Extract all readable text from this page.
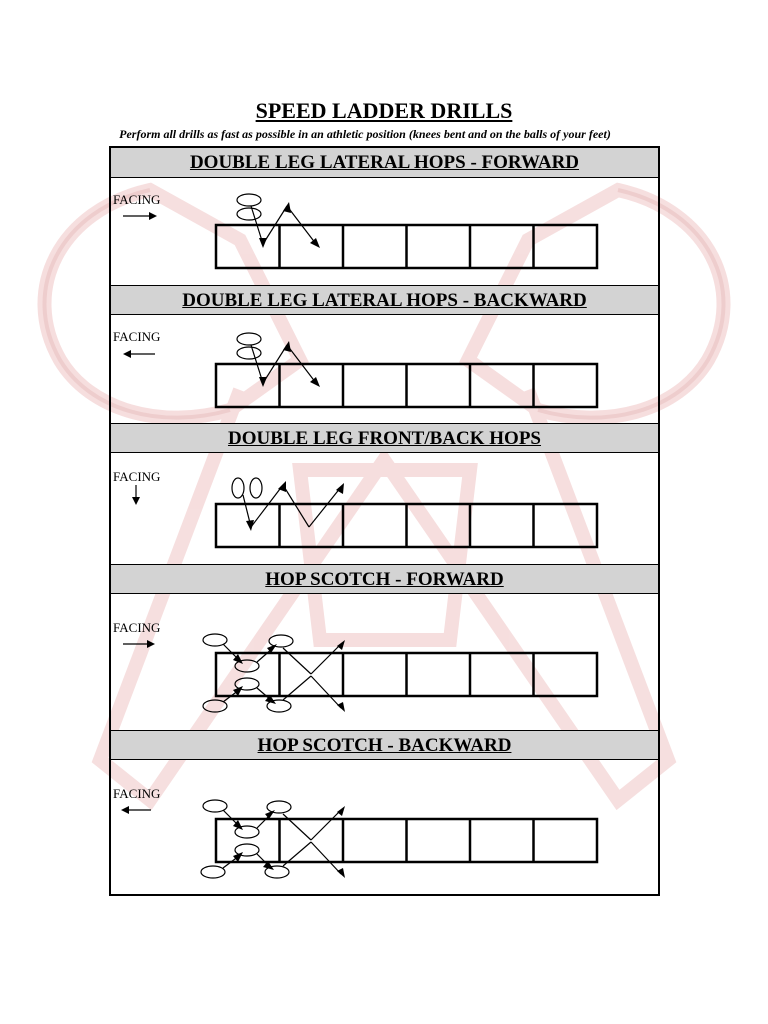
SPEED LADDER DRILLS
Perform all drills as fast as possible in an athletic position (knees bent and on the balls of your feet)
DOUBLE LEG LATERAL HOPS - FORWARD
FACING
DOUBLE LEG LATERAL HOPS - BACKWARD
FACING
DOUBLE LEG FRONT/BACK HOPS
FACING
HOP SCOTCH - FORWARD
FACING
HOP SCOTCH - BACKWARD
FACING
